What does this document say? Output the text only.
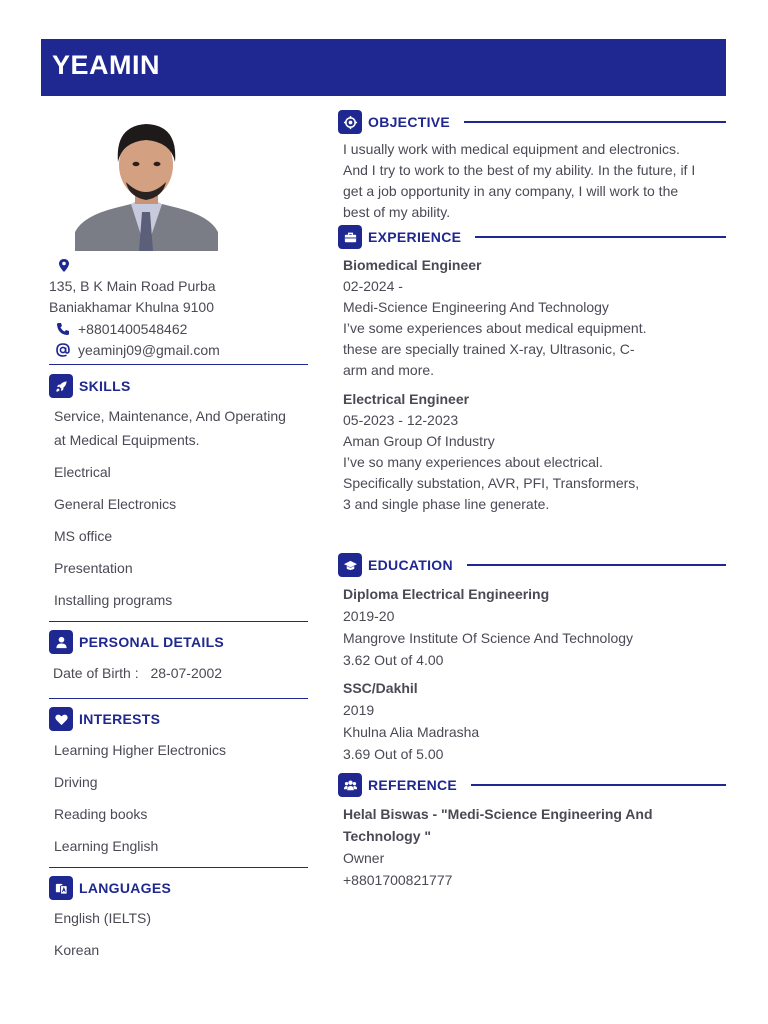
YEAMIN
135, B K Main Road Purba
Baniakhamar Khulna 9100
+8801400548462
yeaminj09@gmail.com
SKILLS
Service, Maintenance, And Operating at Medical Equipments.
Electrical
General Electronics
MS office
Presentation
Installing programs
PERSONAL DETAILS
Date of Birth : 28-07-2002
INTERESTS
Learning Higher Electronics
Driving
Reading books
Learning English
LANGUAGES
English (IELTS)
Korean
OBJECTIVE
I usually work with medical equipment and electronics.
And I try to work to the best of my ability. In the future, if I
get a job opportunity in any company, I will work to the
best of my ability.
EXPERIENCE
Biomedical Engineer
02-2024 -
Medi-Science Engineering And Technology
I’ve some experiences about medical equipment.
these are specially trained X-ray, Ultrasonic, C-
arm and more.
Electrical Engineer
05-2023 - 12-2023
Aman Group Of Industry
I’ve so many experiences about electrical.
Specifically substation, AVR, PFI, Transformers,
3 and single phase line generate.
EDUCATION
Diploma Electrical Engineering
2019-20
Mangrove Institute Of Science And Technology
3.62 Out of 4.00
SSC/Dakhil
2019
Khulna Alia Madrasha
3.69 Out of 5.00
REFERENCE
Helal Biswas - "Medi-Science Engineering And
Technology "
Owner
+8801700821777
